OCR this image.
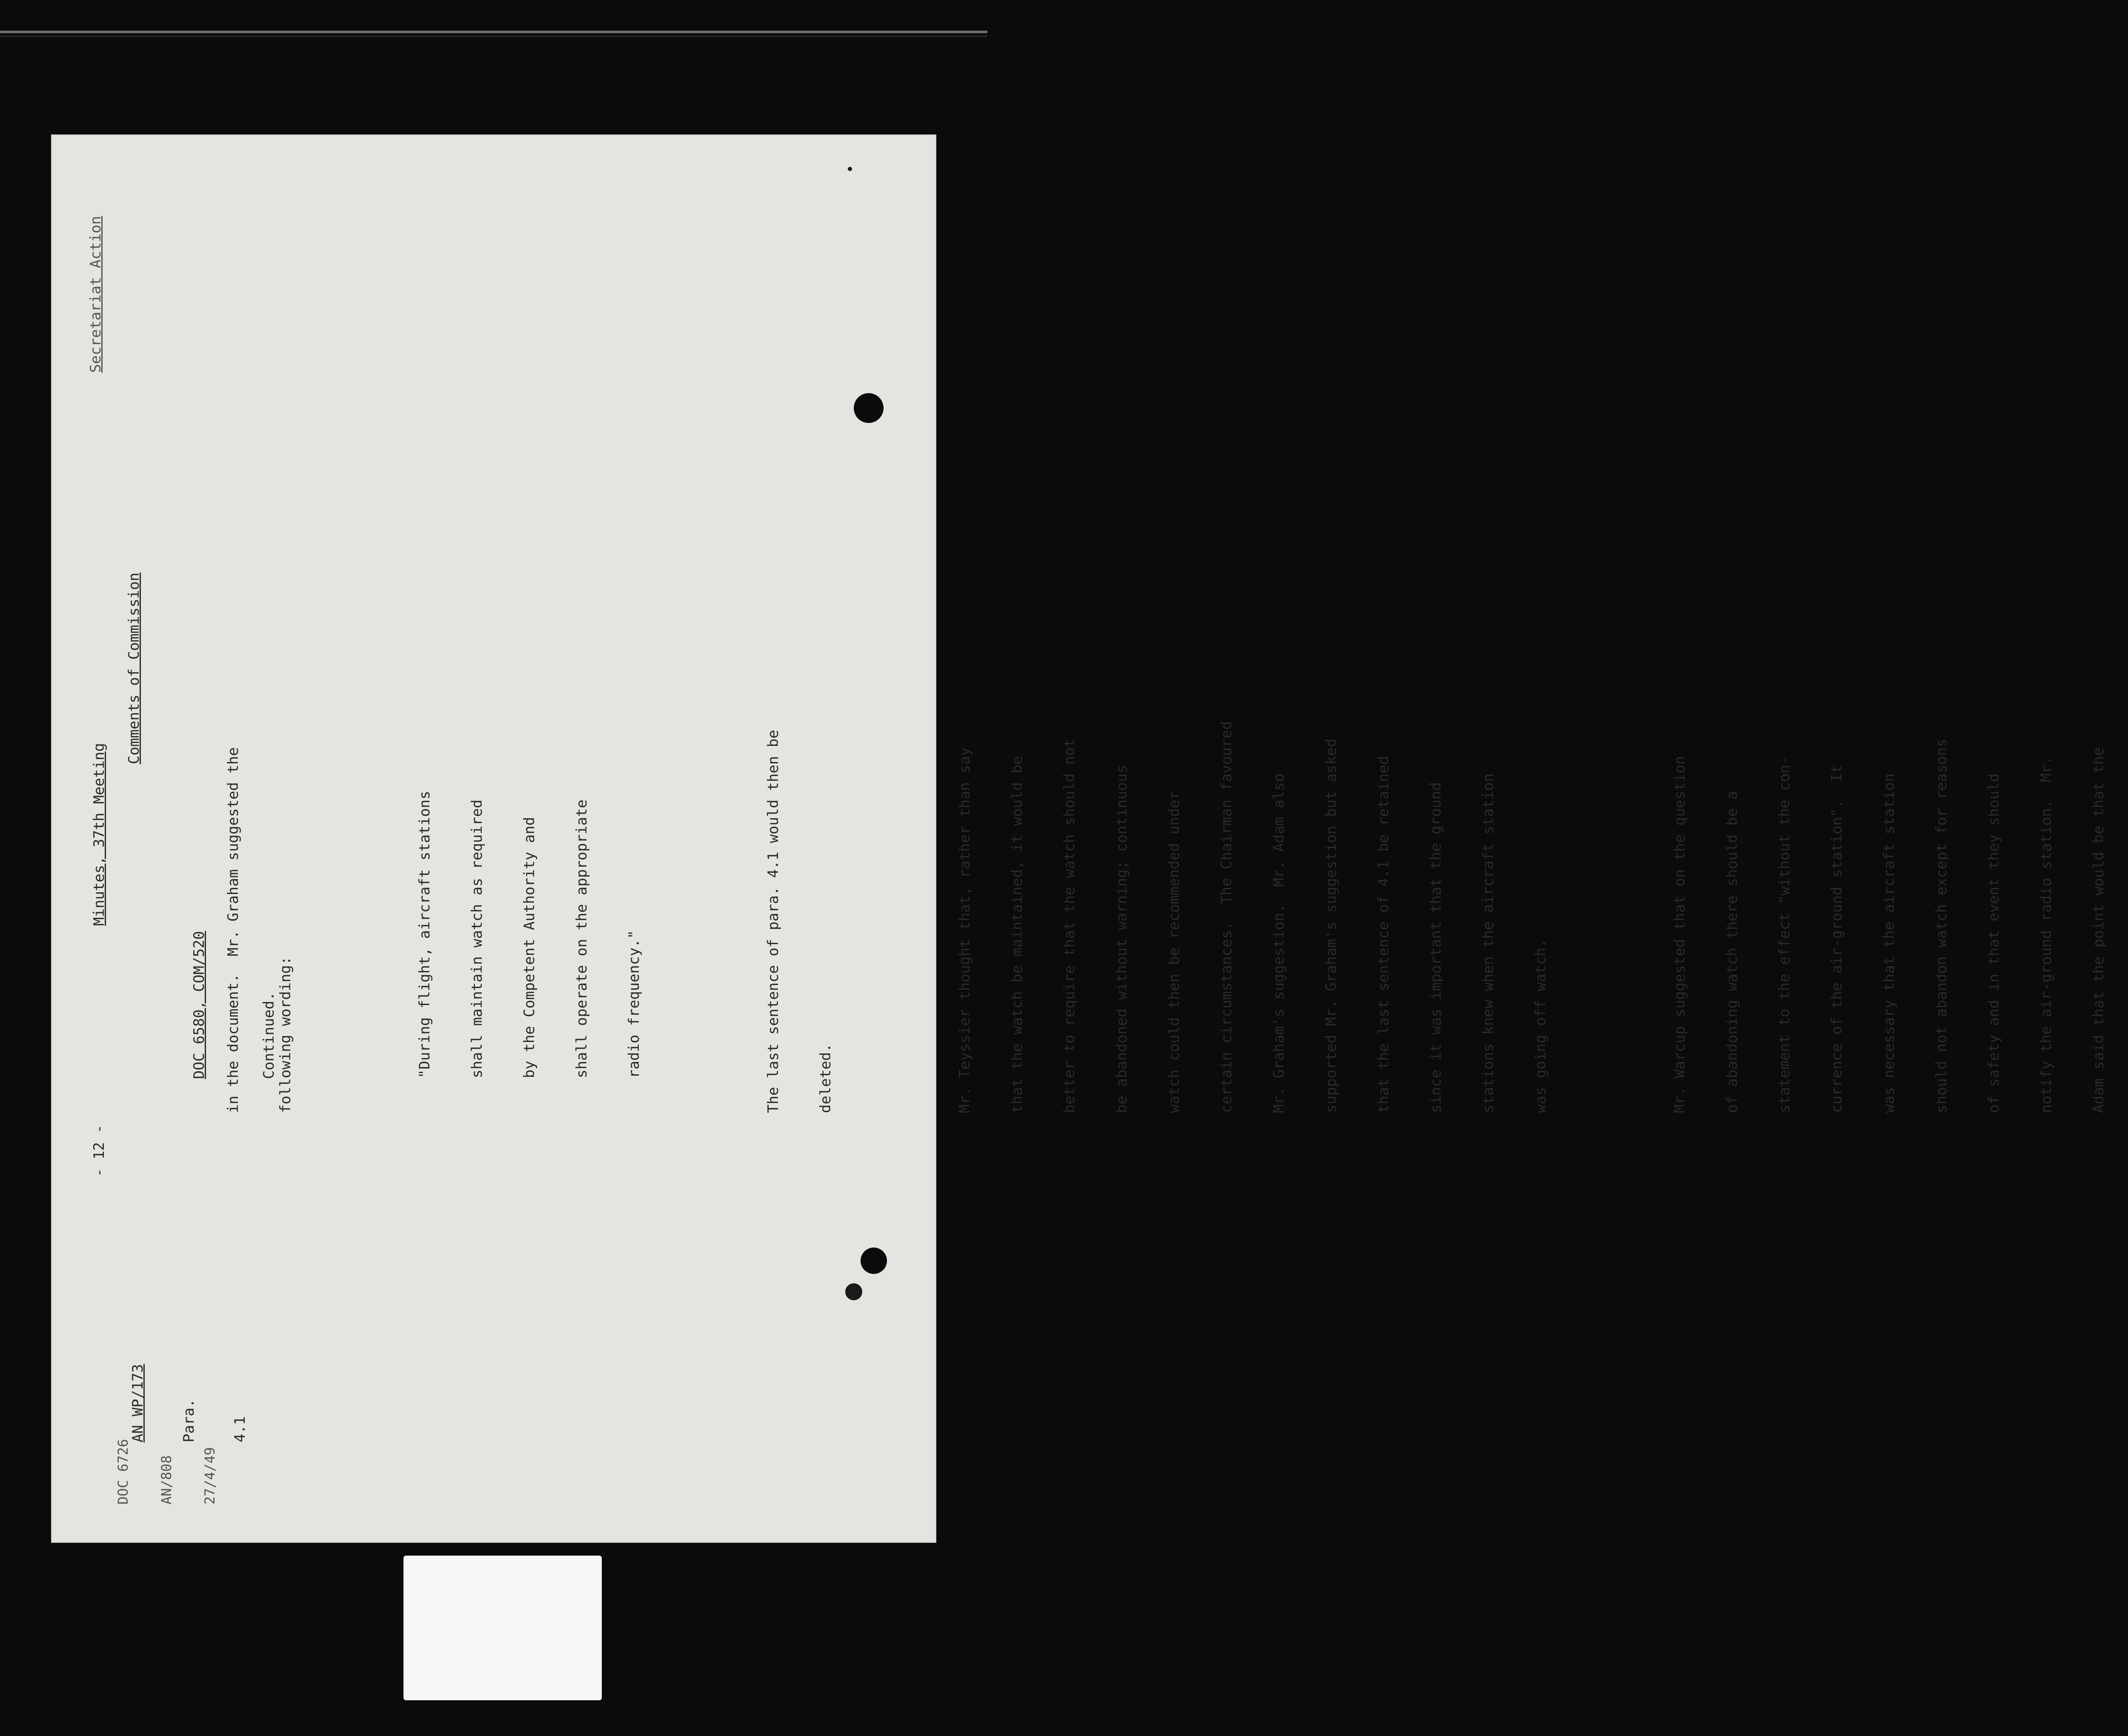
DOC 6726

AN/808

27/4/49

- 12 -
Minutes, 37th Meeting

AN WP/173

Para.

4.1

DOC 6580, COM/520

	Continued.

Secretariat Action
Comments of Commission

in the document.  Mr. Graham suggested the

following wording:

	"During flight, aircraft stations

shall maintain watch as required

by the Competent Authority and

shall operate on the appropriate

radio frequency."

	The last sentence of para. 4.1 would then be

deleted.

	Mr. Teyssier thought that, rather than say

that the watch be maintained, it would be

better to require that the watch should not

be abandoned without warning; continuous

watch could then be recommended under

certain circumstances.  The Chairman favoured

Mr. Graham's suggestion.  Mr. Adam also

supported Mr. Graham's suggestion but asked

that the last sentence of 4.1 be retained

since it was important that the ground

stations knew when the aircraft station

was going off watch.

	Mr. Warcup suggested that on the question

of abandoning watch there should be a

statement to the effect "without the con-

currence of the air-ground station".  It

was necessary that the aircraft station

should not abandon watch except for reasons

of safety and in that event they should

notify the air-ground radio station.  Mr.

Adam said that the point would be that the
